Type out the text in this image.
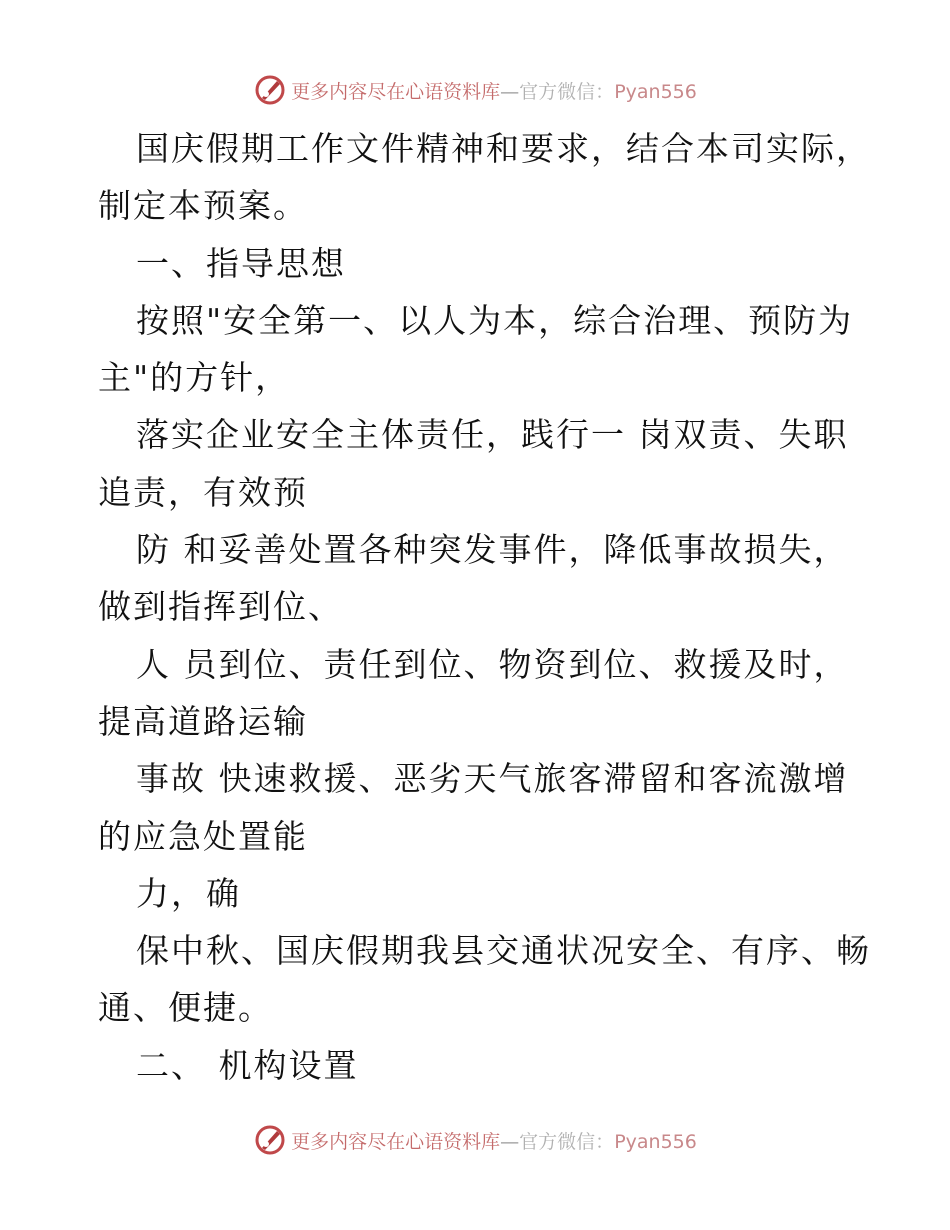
更多内容尽在心语资料库—官方微信：Pyan556
国庆假期工作文件精神和要求，结合本司实际，
制定本预案。
一、指导思想
按照"安全第一、以人为本，综合治理、预防为
主"的方针，
落实企业安全主体责任，践行一 岗双责、失职
追责，有效预
防 和妥善处置各种突发事件，降低事故损失，
做到指挥到位、
人 员到位、责任到位、物资到位、救援及时，
提高道路运输
事故 快速救援、恶劣天气旅客滞留和客流激增
的应急处置能
力，确
保中秋、国庆假期我县交通状况安全、有序、畅
通、便捷。
二、 机构设置
更多内容尽在心语资料库—官方微信：Pyan556
